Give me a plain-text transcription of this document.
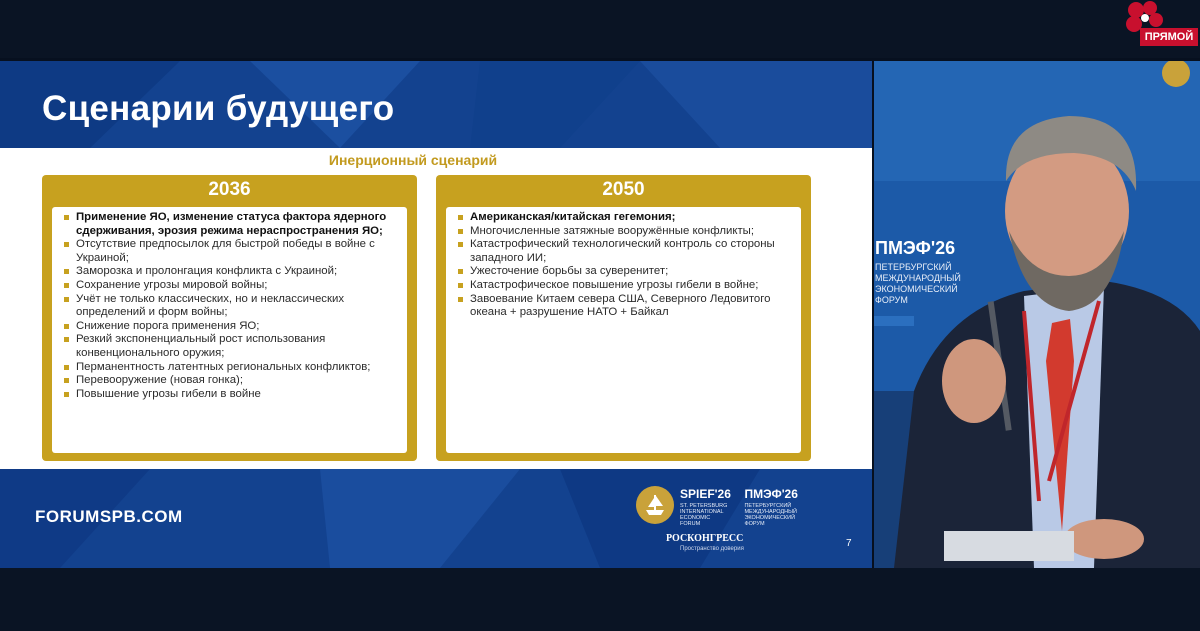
ПРЯМОЙ
Сценарии будущего
Инерционный сценарий
2036
Применение ЯО, изменение статуса фактора ядерного сдерживания, эрозия режима нераспространения ЯО;
Отсутствие предпосылок для быстрой победы в войне с Украиной;
Заморозка и пролонгация конфликта с Украиной;
Сохранение угрозы мировой войны;
Учёт не только классических, но и неклассических определений и форм войны;
Снижение порога применения ЯО;
Резкий экспоненциальный рост использования конвенционального оружия;
Перманентность латентных региональных конфликтов;
Перевооружение (новая гонка);
Повышение угрозы гибели в войне
2050
Американская/китайская гегемония;
Многочисленные затяжные вооружённые конфликты;
Катастрофический технологический контроль со стороны западного ИИ;
Ужесточение борьбы за суверенитет;
Катастрофическое повышение угрозы гибели в войне;
Завоевание Китаем севера США, Северного Ледовитого океана + разрушение НАТО + Байкал
FORUMSPB.COM
SPIEF'26
ST. PETERSBURG
INTERNATIONAL
ECONOMIC
FORUM
ПМЭФ'26
ПЕТЕРБУРГСКИЙ
МЕЖДУНАРОДНЫЙ
ЭКОНОМИЧЕСКИЙ
ФОРУМ
РОСКОНГРЕСС
Пространство доверия	7
ПМЭФ'26
ПЕТЕРБУРГСКИЙ
МЕЖДУНАРОДНЫЙ
ЭКОНОМИЧЕСКИЙ
ФОРУМ
